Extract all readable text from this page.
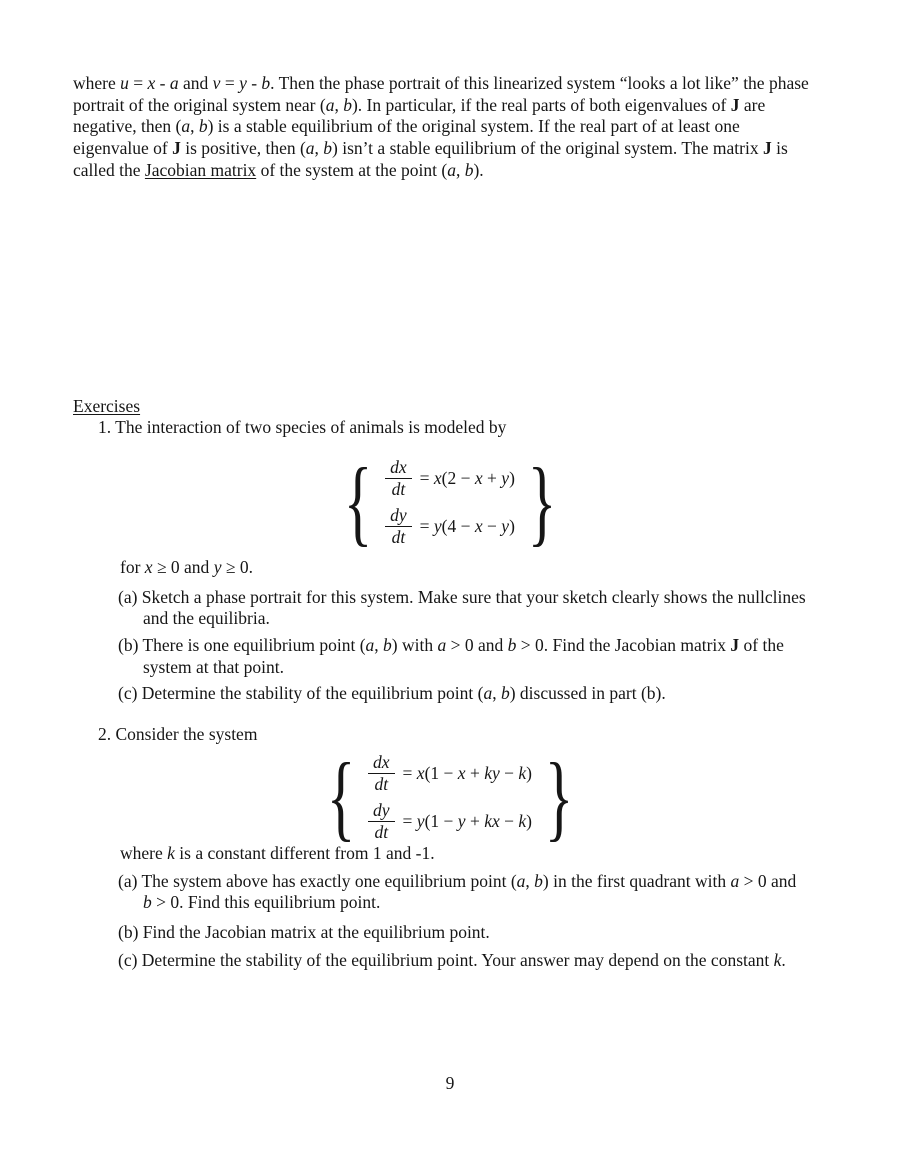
where u = x - a and v = y - b. Then the phase portrait of this linearized system “looks a lot like” the phase
portrait of the original system near (a, b). In particular, if the real parts of both eigenvalues of J are
negative, then (a, b) is a stable equilibrium of the original system. If the real part of at least one
eigenvalue of J is positive, then (a, b) isn’t a stable equilibrium of the original system. The matrix J is
called the Jacobian matrix of the system at the point (a, b).
Exercises
1. The interaction of two species of animals is modeled by
{ $\frac{dx}{dt} = x(2 - x + y)$
$\frac{dy}{dt} = y(4 - x - y)$ }
for x ≥ 0 and y ≥ 0.
(a) Sketch a phase portrait for this system. Make sure that your sketch clearly shows the nullclines
and the equilibria.
(b) There is one equilibrium point (a, b) with a > 0 and b > 0. Find the Jacobian matrix J of the
system at that point.
(c) Determine the stability of the equilibrium point (a, b) discussed in part (b).
2. Consider the system
{ $\frac{dx}{dt} = x(1 - x$ + ky − k)
$\frac{dy}{dt} = y(1 - y$ + kx − k) }
where k is a constant different from 1 and -1.
(a) The system above has exactly one equilibrium point (a, b) in the first quadrant with a > 0 and
b > 0. Find this equilibrium point.
(b) Find the Jacobian matrix at the equilibrium point.
(c) Determine the stability of the equilibrium point. Your answer may depend on the constant k.
9
